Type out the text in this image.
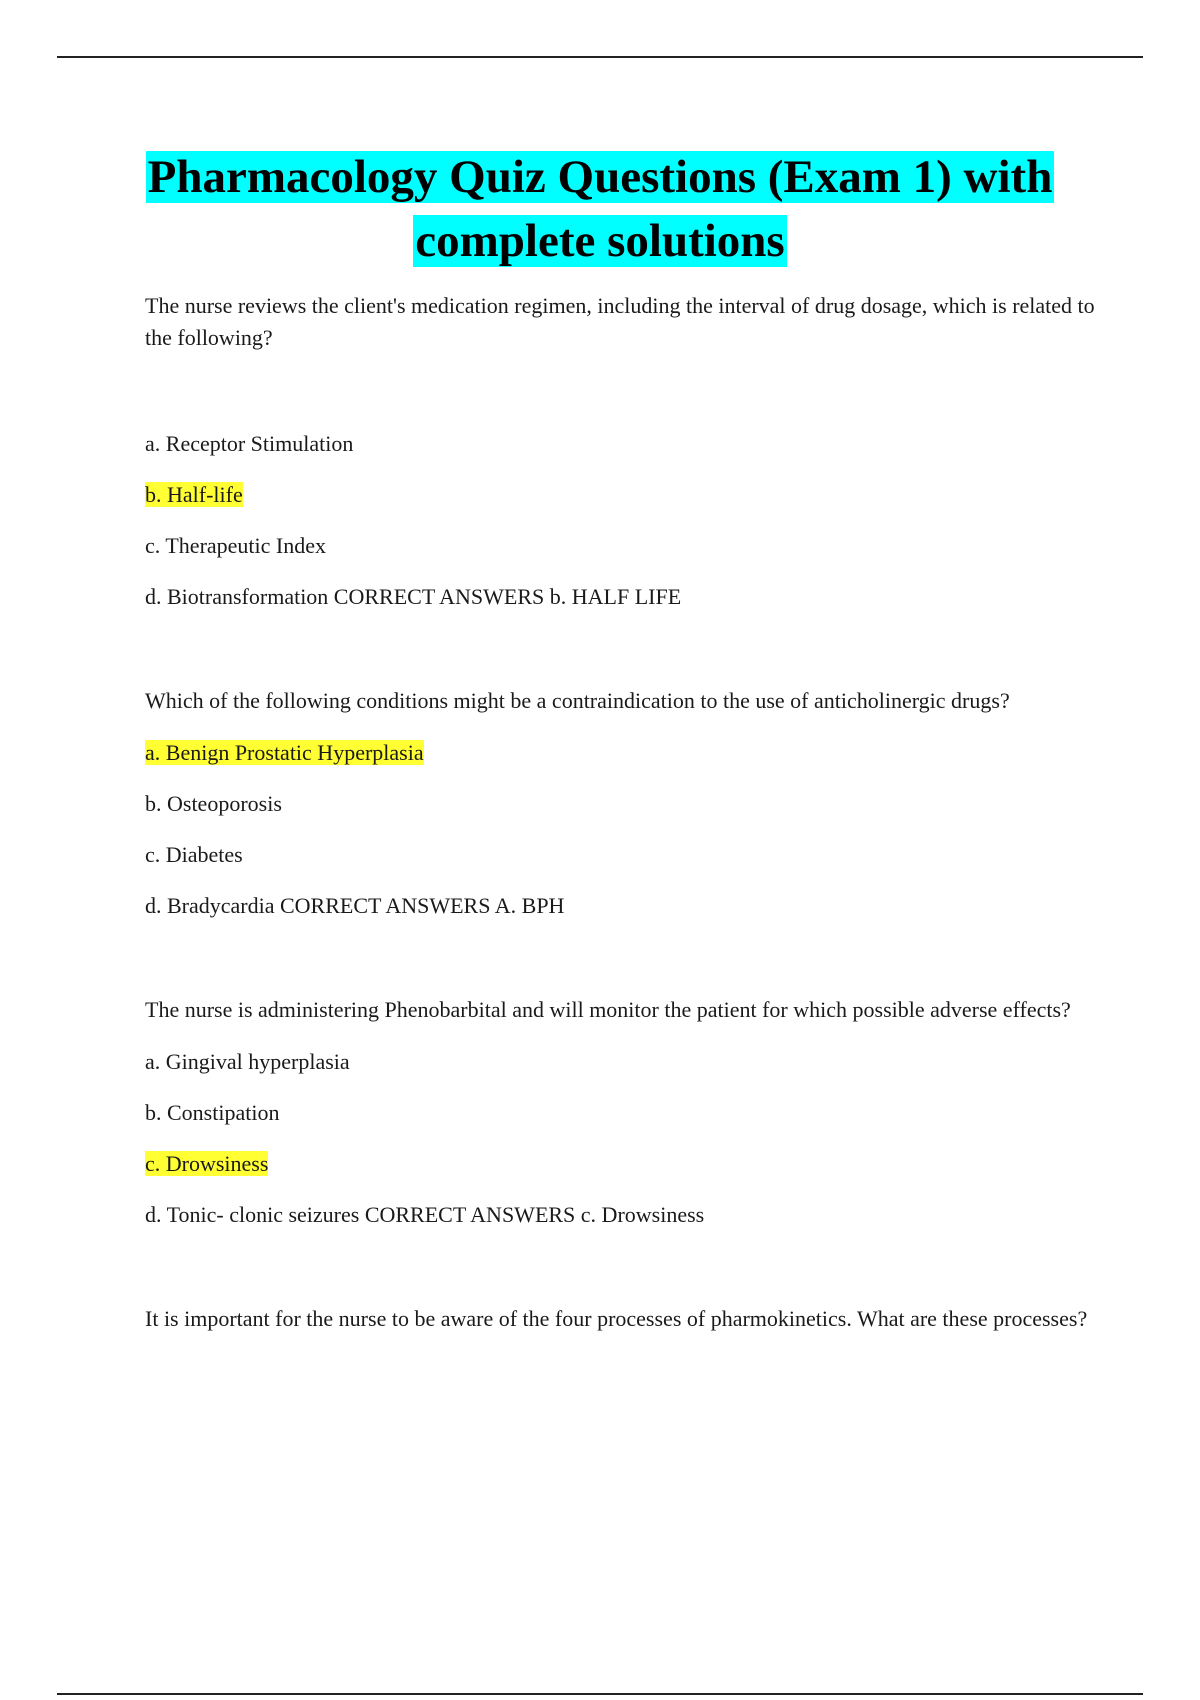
Pharmacology Quiz Questions (Exam 1) with
complete solutions

The nurse reviews the client's medication regimen, including the interval of drug dosage, which is related to the following?

a. Receptor Stimulation
b. Half-life
c. Therapeutic Index
d. Biotransformation CORRECT ANSWERS b. HALF LIFE

Which of the following conditions might be a contraindication to the use of anticholinergic drugs?

a. Benign Prostatic Hyperplasia
b. Osteoporosis
c. Diabetes
d. Bradycardia CORRECT ANSWERS A. BPH

The nurse is administering Phenobarbital and will monitor the patient for which possible adverse effects?

a. Gingival hyperplasia
b. Constipation
c. Drowsiness
d. Tonic- clonic seizures CORRECT ANSWERS c. Drowsiness

It is important for the nurse to be aware of the four processes of pharmokinetics. What are these processes?
